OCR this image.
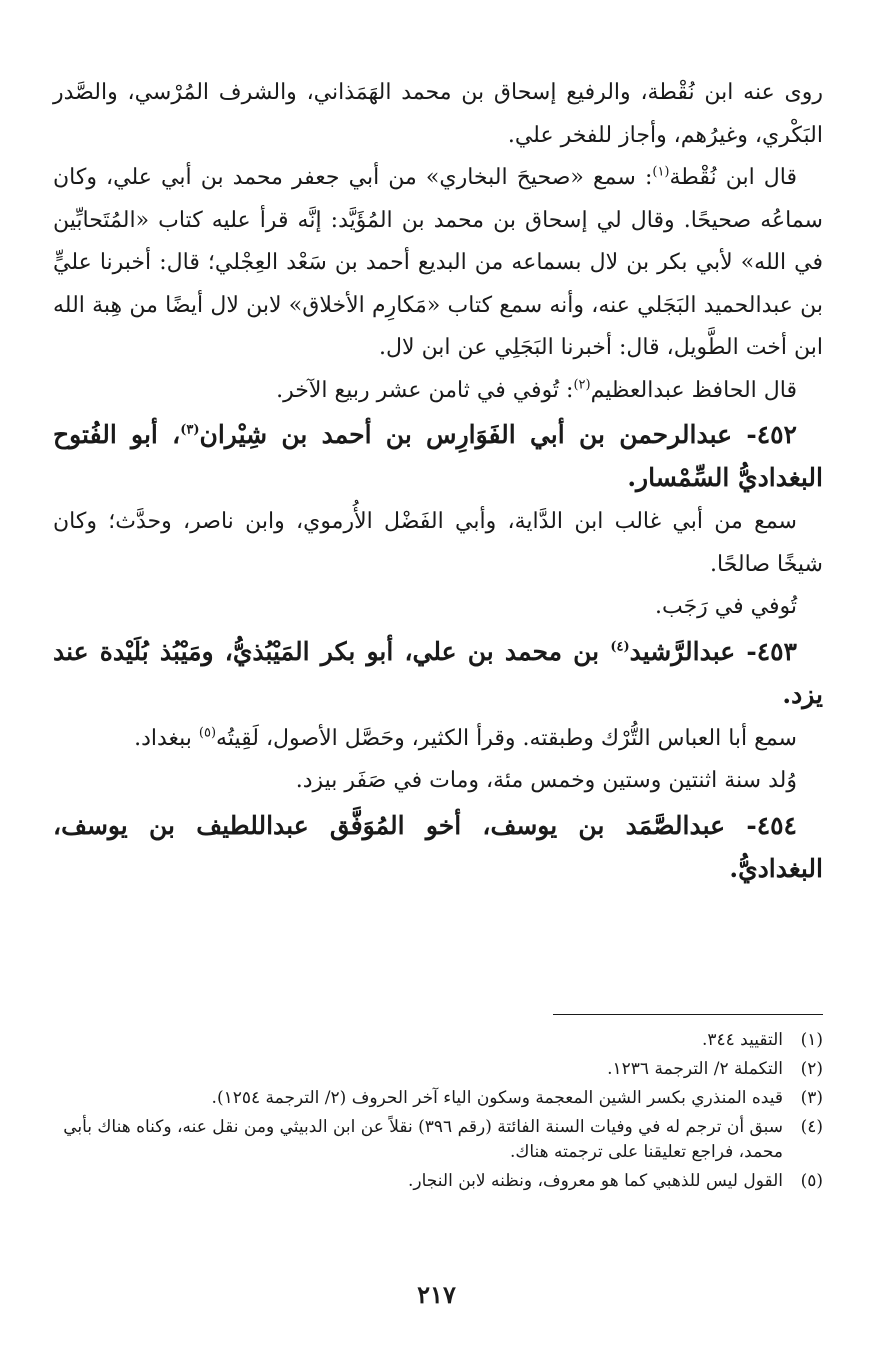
روى عنه ابن نُقْطة، والرفيع إسحاق بن محمد الهَمَذاني، والشرف المُرْسي، والصَّدر البَكْري، وغيرُهم، وأجاز للفخر علي.

قال ابن نُقْطة$^{(١)}$: سمع «صحيحَ البخاري» من أبي جعفر محمد بن أبي علي، وكان سماعُه صحيحًا. وقال لي إسحاق بن محمد بن المُؤَيَّد: إنَّه قرأ عليه كتاب «المُتَحابِّين في الله» لأبي بكر بن لال بسماعه من البديع أحمد بن سَعْد العِجْلي؛ قال: أخبرنا عليٍّ بن عبدالحميد البَجَلي عنه، وأنه سمع كتاب «مَكارِم الأخلاق» لابن لال أيضًا من هِبة الله ابن أخت الطَّويل، قال: أخبرنا البَجَلِي عن ابن لال.

قال الحافظ عبدالعظيم$^{(٢)}$: تُوفي في ثامن عشر ربيع الآخر.

٤٥٢- عبدالرحمن بن أبي الفَوَارِس بن أحمد بن شِيْران$^{(٣)}$، أبو الفُتوح البغداديُّ السِّمْسار.

سمع من أبي غالب ابن الدَّاية، وأبي الفَضْل الأُرموي، وابن ناصر، وحدَّث؛ وكان شيخًا صالحًا.

تُوفي في رَجَب.

٤٥٣- عبدالرَّشيد$^{(٤)}$ بن محمد بن علي، أبو بكر المَيْبُذيُّ، ومَيْبُذ بُلَيْدة عند يزد.

سمع أبا العباس التُّرْك وطبقته. وقرأ الكثير، وحَصَّل الأصول، لَقِيتُه$^{(٥)}$ ببغداد.

وُلد سنة اثنتين وستين وخمس مئة، ومات في صَفَر بيزد.

٤٥٤- عبدالصَّمَد بن يوسف، أخو المُوَفَّق عبداللطيف بن يوسف، البغداديُّ.

(١)
التقييد ٣٤٤.
(٢)
التكملة ٢/ الترجمة ١٢٣٦.
(٣)
قيده المنذري بكسر الشين المعجمة وسكون الياء آخر الحروف (٢/ الترجمة ١٢٥٤).
(٤)
سبق أن ترجم له في وفيات السنة الفائتة (رقم ٣٩٦) نقلاً عن ابن الدبيثي ومن نقل عنه، وكناه هناك بأبي محمد، فراجع تعليقنا على ترجمته هناك.
(٥)
القول ليس للذهبي كما هو معروف، ونظنه لابن النجار.
٢١٧
